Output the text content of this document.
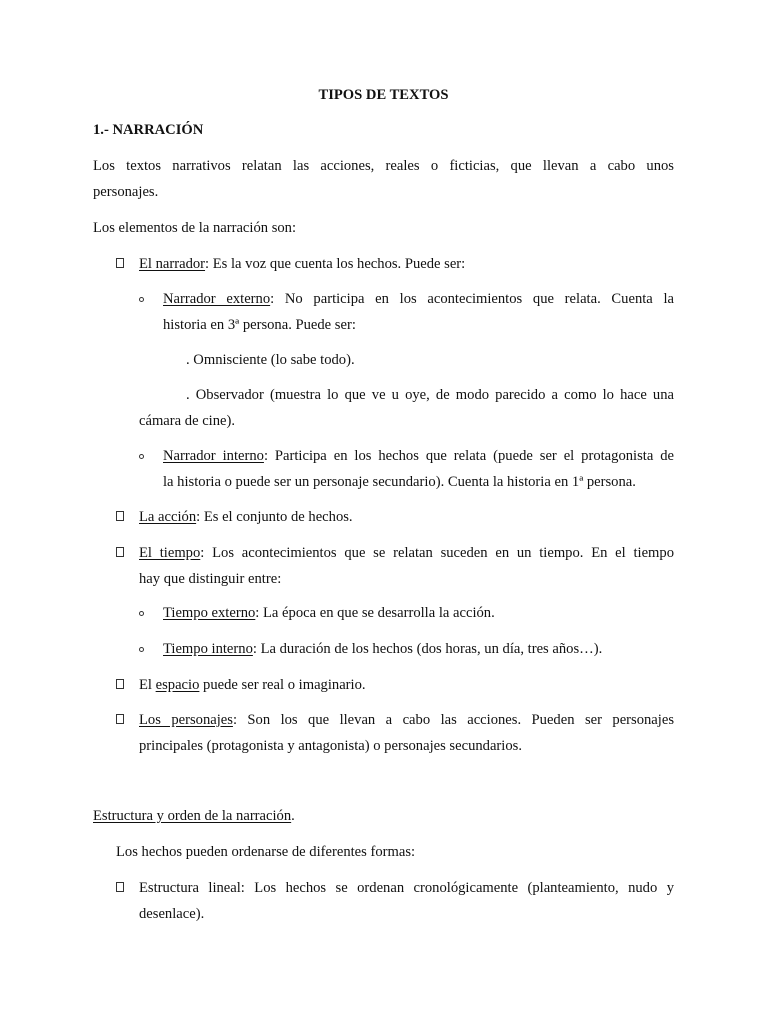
TIPOS DE TEXTOS
1.- NARRACIÓN
Los textos narrativos relatan las acciones, reales o ficticias, que llevan a cabo unos
personajes.
Los elementos de la narración son:
El narrador: Es la voz que cuenta los hechos. Puede ser:
Narrador externo: No participa en los acontecimientos que relata. Cuenta la
historia en 3ª persona. Puede ser:
. Omnisciente (lo sabe todo).
. Observador (muestra lo que ve u oye, de modo parecido a como lo hace una
cámara de cine).
Narrador interno: Participa en los hechos que relata (puede ser el protagonista de
la historia o puede ser un personaje secundario). Cuenta la historia en 1ª persona.
La acción: Es el conjunto de hechos.
El tiempo: Los acontecimientos que se relatan suceden en un tiempo. En el tiempo
hay que distinguir entre:
Tiempo externo: La época en que se desarrolla la acción.
Tiempo interno: La duración de los hechos (dos horas, un día, tres años…).
El espacio puede ser real o imaginario.
Los personajes: Son los que llevan a cabo las acciones. Pueden ser personajes
principales (protagonista y antagonista) o personajes secundarios.
Estructura y orden de la narración.
Los hechos pueden ordenarse de diferentes formas:
Estructura lineal: Los hechos se ordenan cronológicamente (planteamiento, nudo y
desenlace).
